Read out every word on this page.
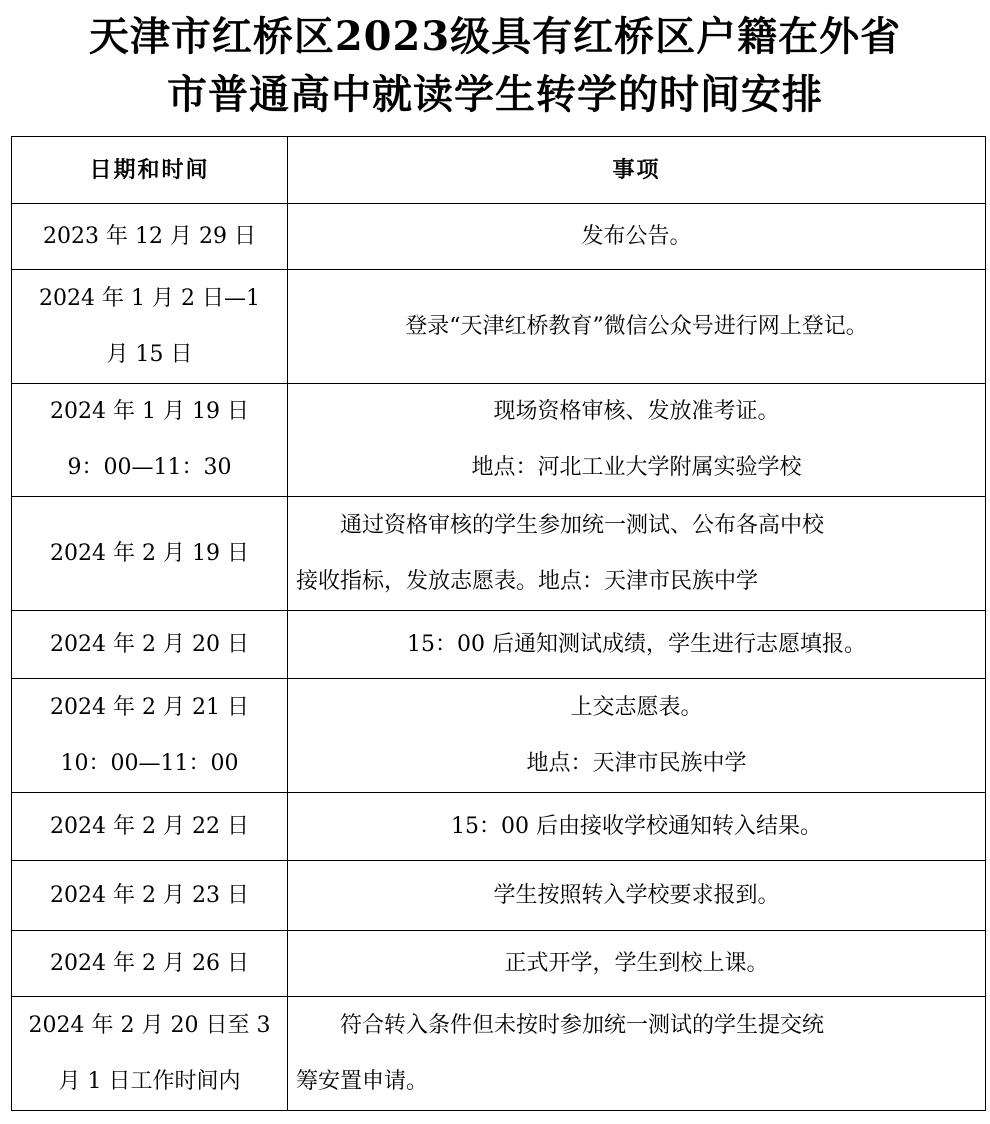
天津市红桥区2023级具有红桥区户籍在外省
市普通高中就读学生转学的时间安排
日期和时间	事项

2023 年 12 月 29 日	发布公告。

2024 年 1 月 2 日—1
月 15 日	登录“天津红桥教育”微信公众号进行网上登记。

2024 年 1 月 19 日
9：00—11：30	现场资格审核、发放准考证。
地点：河北工业大学附属实验学校

2024 年 2 月 19 日	通过资格审核的学生参加统一测试、公布各高中校
接收指标，发放志愿表。地点：天津市民族中学

2024 年 2 月 20 日	15：00 后通知测试成绩，学生进行志愿填报。

2024 年 2 月 21 日
10：00—11：00	上交志愿表。
地点：天津市民族中学

2024 年 2 月 22 日	15：00 后由接收学校通知转入结果。

2024 年 2 月 23 日	学生按照转入学校要求报到。

2024 年 2 月 26 日	正式开学，学生到校上课。

2024 年 2 月 20 日至 3
月 1 日工作时间内	符合转入条件但未按时参加统一测试的学生提交统
筹安置申请。
